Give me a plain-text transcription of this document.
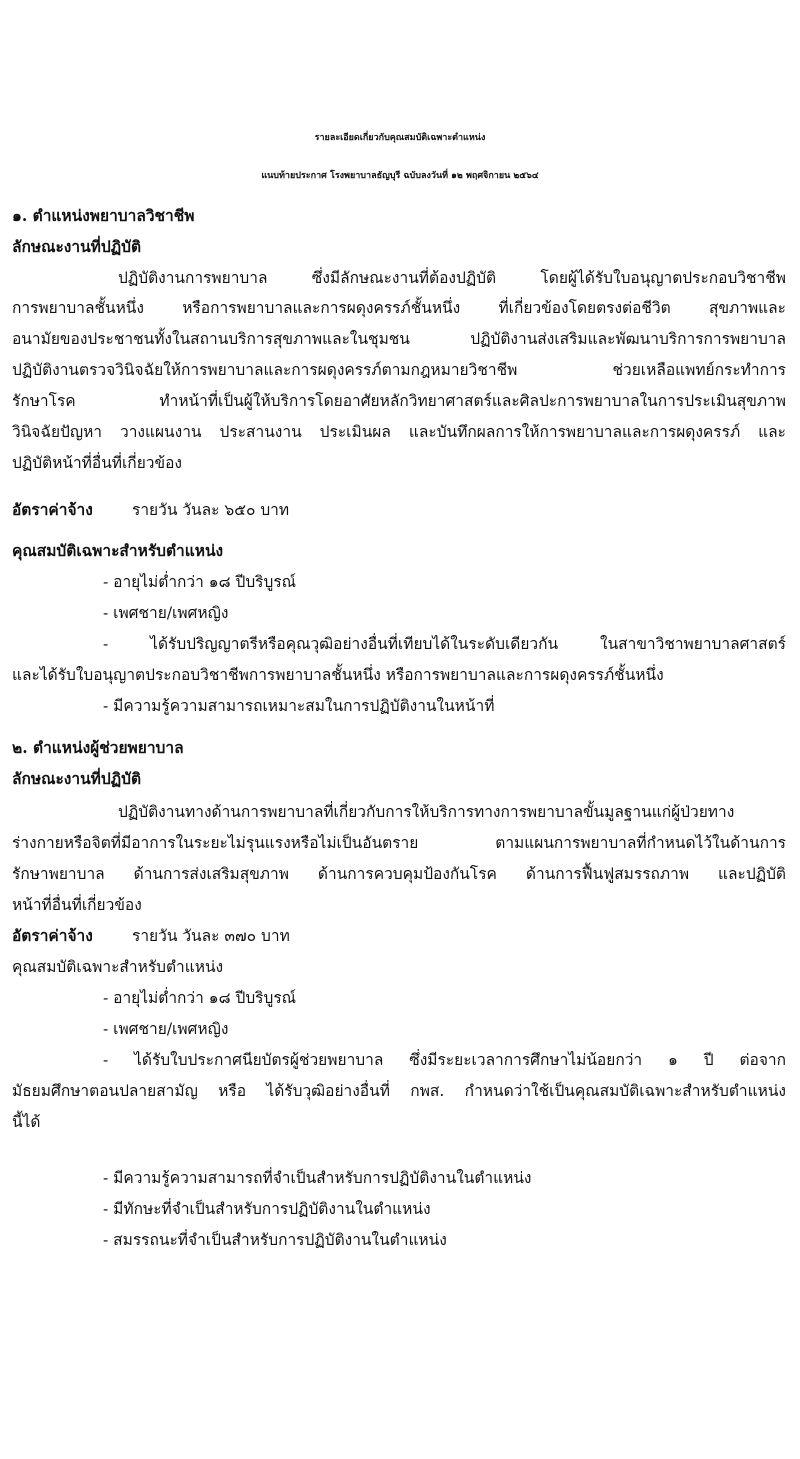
รายละเอียดเกี่ยวกับคุณสมบัติเฉพาะตำแหน่ง
แนบท้ายประกาศ โรงพยาบาลธัญบุรี ฉบับลงวันที่ ๑๒ พฤศจิกายน ๒๕๖๔
๑. ตำแหน่งพยาบาลวิชาชีพ
ลักษณะงานที่ปฏิบัติ
ปฏิบัติงานการพยาบาล ซึ่งมีลักษณะงานที่ต้องปฏิบัติ โดยผู้ได้รับใบอนุญาตประกอบวิชาชีพ
การพยาบาลชั้นหนึ่ง หรือการพยาบาลและการผดุงครรภ์ชั้นหนึ่ง ที่เกี่ยวข้องโดยตรงต่อชีวิต สุขภาพและ
อนามัยของประชาชนทั้งในสถานบริการสุขภาพและในชุมชน ปฏิบัติงานส่งเสริมและพัฒนาบริการการพยาบาล
ปฏิบัติงานตรวจวินิจฉัยให้การพยาบาลและการผดุงครรภ์ตามกฎหมายวิชาชีพ ช่วยเหลือแพทย์กระทำการ
รักษาโรค ทำหน้าที่เป็นผู้ให้บริการโดยอาศัยหลักวิทยาศาสตร์และศิลปะการพยาบาลในการประเมินสุขภาพ
วินิจฉัยปัญหา วางแผนงาน ประสานงาน ประเมินผล และบันทึกผลการให้การพยาบาลและการผดุงครรภ์ และ
ปฏิบัติหน้าที่อื่นที่เกี่ยวข้อง
อัตราค่าจ้าง	รายวัน วันละ ๖๕๐ บาท
คุณสมบัติเฉพาะสำหรับตำแหน่ง
- อายุไม่ต่ำกว่า ๑๘ ปีบริบูรณ์
- เพศชาย/เพศหญิง
- ได้รับปริญญาตรีหรือคุณวุฒิอย่างอื่นที่เทียบได้ในระดับเดียวกัน ในสาขาวิชาพยาบาลศาสตร์
และได้รับใบอนุญาตประกอบวิชาชีพการพยาบาลชั้นหนึ่ง หรือการพยาบาลและการผดุงครรภ์ชั้นหนึ่ง
- มีความรู้ความสามารถเหมาะสมในการปฏิบัติงานในหน้าที่
๒. ตำแหน่งผู้ช่วยพยาบาล
ลักษณะงานที่ปฏิบัติ
ปฏิบัติงานทางด้านการพยาบาลที่เกี่ยวกับการให้บริการทางการพยาบาลขั้นมูลฐานแก่ผู้ป่วยทาง
ร่างกายหรือจิตที่มีอาการในระยะไม่รุนแรงหรือไม่เป็นอันตราย ตามแผนการพยาบาลที่กำหนดไว้ในด้านการ
รักษาพยาบาล ด้านการส่งเสริมสุขภาพ ด้านการควบคุมป้องกันโรค ด้านการฟื้นฟูสมรรถภาพ และปฏิบัติ
หน้าที่อื่นที่เกี่ยวข้อง
อัตราค่าจ้าง	รายวัน วันละ ๓๗๐ บาท
คุณสมบัติเฉพาะสำหรับตำแหน่ง
- อายุไม่ต่ำกว่า ๑๘ ปีบริบูรณ์
- เพศชาย/เพศหญิง
- ได้รับใบประกาศนียบัตรผู้ช่วยพยาบาล ซึ่งมีระยะเวลาการศึกษาไม่น้อยกว่า ๑ ปี ต่อจาก
มัธยมศึกษาตอนปลายสามัญ หรือ ได้รับวุฒิอย่างอื่นที่ กพส. กำหนดว่าใช้เป็นคุณสมบัติเฉพาะสำหรับตำแหน่ง
นี้ได้
- มีความรู้ความสามารถที่จำเป็นสำหรับการปฏิบัติงานในตำแหน่ง
- มีทักษะที่จำเป็นสำหรับการปฏิบัติงานในตำแหน่ง
- สมรรถนะที่จำเป็นสำหรับการปฏิบัติงานในตำแหน่ง
